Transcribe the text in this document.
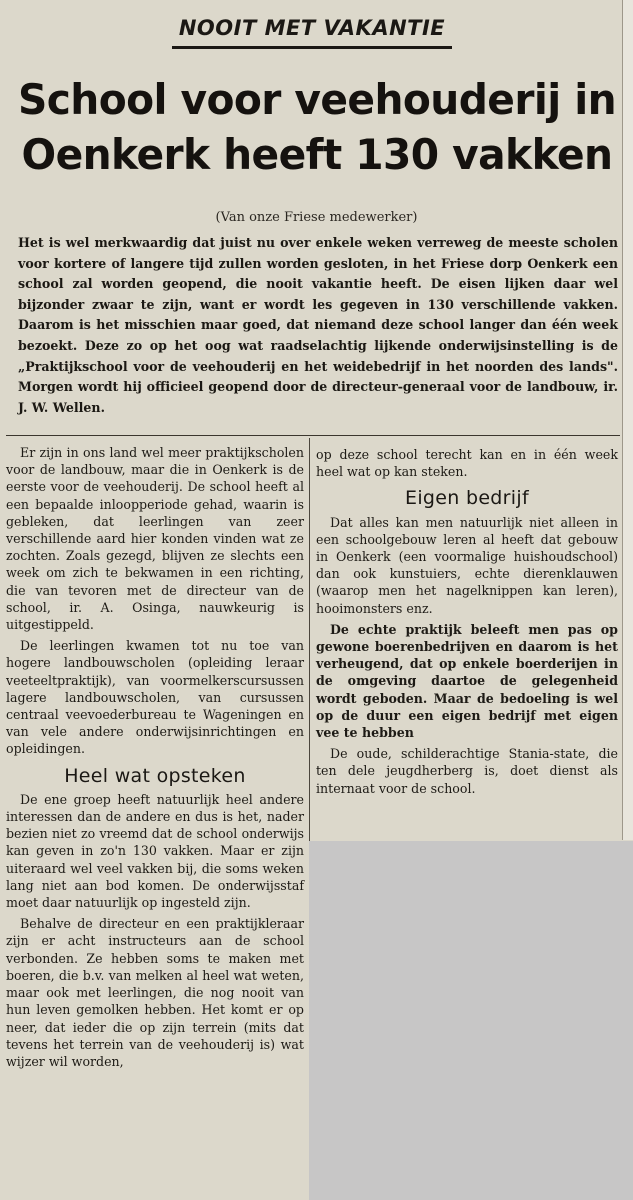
NOOIT MET VAKANTIE
School voor veehouderij in
Oenkerk heeft 130 vakken
(Van onze Friese medewerker)
Het is wel merkwaardig dat juist nu over enkele weken verreweg de meeste scholen voor kortere of langere tijd zullen worden gesloten, in het Friese dorp Oenkerk een school zal worden geopend, die nooit vakantie heeft. De eisen lijken daar wel bijzonder zwaar te zijn, want er wordt les gegeven in 130 verschillende vakken. Daarom is het misschien maar goed, dat niemand deze school langer dan één week bezoekt. Deze zo op het oog wat raadselachtig lijkende onderwijsinstelling is de „Praktijkschool voor de veehouderij en het weidebedrijf in het noorden des lands". Morgen wordt hij officieel geopend door de directeur-generaal voor de landbouw, ir. J. W. Wellen.

Er zijn in ons land wel meer praktijkscholen voor de landbouw, maar die in Oenkerk is de eerste voor de veehouderij. De school heeft al een bepaalde inloopperiode gehad, waarin is gebleken, dat leerlingen van zeer verschillende aard hier konden vinden wat ze zochten. Zoals gezegd, blijven ze slechts een week om zich te bekwamen in een richting, die van tevoren met de directeur van de school, ir. A. Osinga, nauwkeurig is uitgestippeld.

De leerlingen kwamen tot nu toe van hogere landbouwscholen (opleiding leraar veeteeltpraktijk), van voormelkerscursussen lagere landbouwscholen, van cursussen centraal veevoederbureau te Wageningen en van vele andere onderwijsinrichtingen en opleidingen.

Heel wat opsteken

De ene groep heeft natuurlijk heel andere interessen dan de andere en dus is het, nader bezien niet zo vreemd dat de school onderwijs kan geven in zo'n 130 vakken. Maar er zijn uiteraard wel veel vakken bij, die soms weken lang niet aan bod komen. De onderwijsstaf moet daar natuurlijk op ingesteld zijn.

Behalve de directeur en een praktijkleraar zijn er acht instructeurs aan de school verbonden. Ze hebben soms te maken met boeren, die b.v. van melken al heel wat weten, maar ook met leerlingen, die nog nooit van hun leven gemolken hebben. Het komt er op neer, dat ieder die op zijn terrein (mits dat tevens het terrein van de veehouderij is) wat wijzer wil worden,

op deze school terecht kan en in één week heel wat op kan steken.

Eigen bedrijf

Dat alles kan men natuurlijk niet alleen in een schoolgebouw leren al heeft dat gebouw in Oenkerk (een voormalige huishoudschool) dan ook kunstuiers, echte dierenklauwen (waarop men het nagelknippen kan leren), hooimonsters enz.

De echte praktijk beleeft men pas op gewone boerenbedrijven en daarom is het verheugend, dat op enkele boerderijen in de omgeving daartoe de gelegenheid wordt geboden. Maar de bedoeling is wel op de duur een eigen bedrijf met eigen vee te hebben

De oude, schilderachtige Stania-state, die ten dele jeugdherberg is, doet dienst als internaat voor de school.
